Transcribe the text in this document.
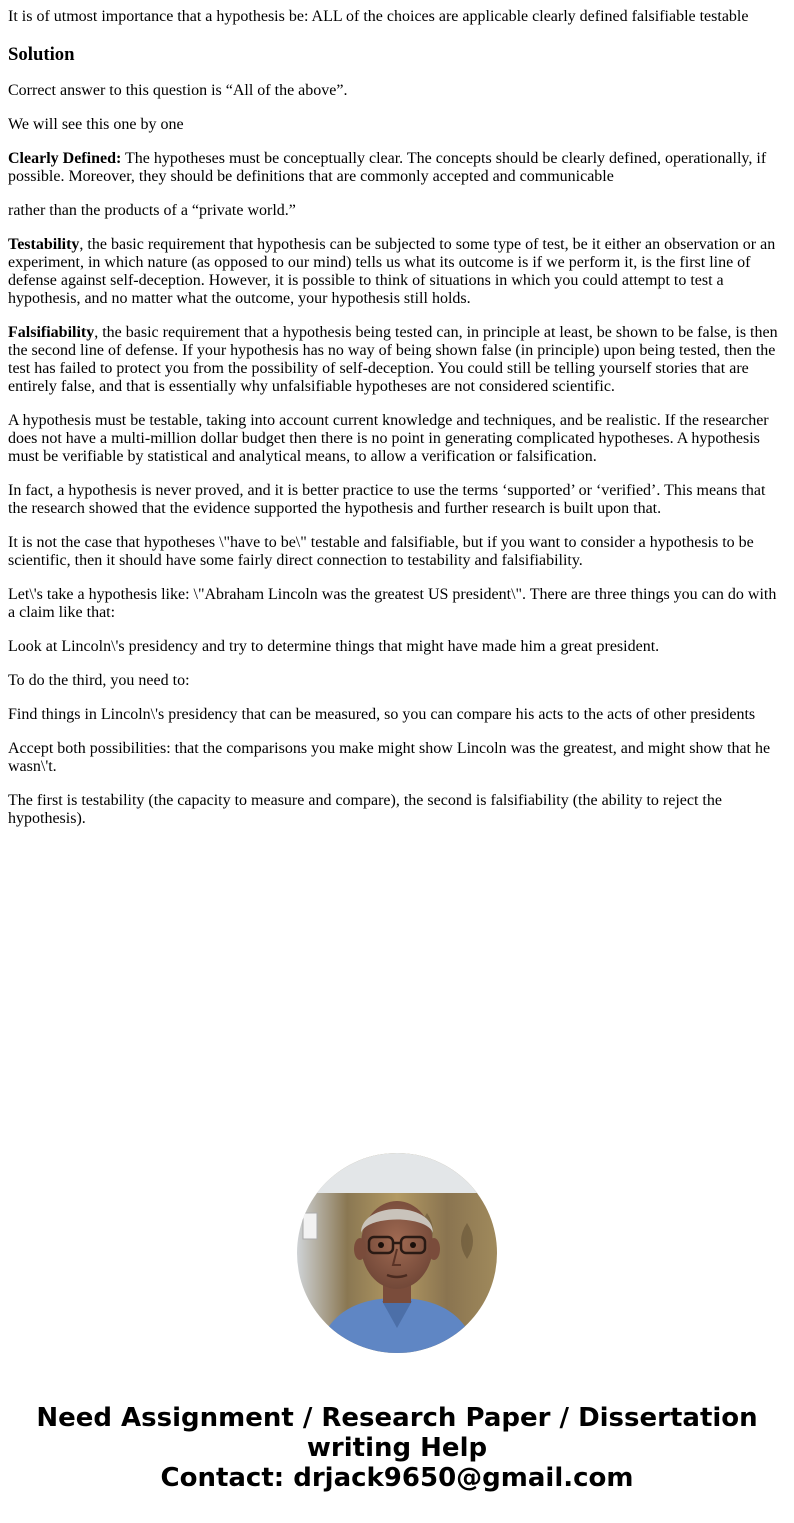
It is of utmost importance that a hypothesis be: ALL of the choices are applicable clearly defined falsifiable testable
Solution

Correct answer to this question is “All of the above”.

We will see this one by one

Clearly Defined: The hypotheses must be conceptually clear. The concepts should be clearly defined, operationally, if possible. Moreover, they should be definitions that are commonly accepted and communicable

rather than the products of a “private world.”

Testability, the basic requirement that hypothesis can be subjected to some type of test, be it either an observation or an experiment, in which nature (as opposed to our mind) tells us what its outcome is if we perform it, is the first line of defense against self-deception. However, it is possible to think of situations in which you could attempt to test a hypothesis, and no matter what the outcome, your hypothesis still holds.

Falsifiability, the basic requirement that a hypothesis being tested can, in principle at least, be shown to be false, is then the second line of defense. If your hypothesis has no way of being shown false (in principle) upon being tested, then the test has failed to protect you from the possibility of self-deception. You could still be telling yourself stories that are entirely false, and that is essentially why unfalsifiable hypotheses are not considered scientific.

A hypothesis must be testable, taking into account current knowledge and techniques, and be realistic. If the researcher does not have a multi-million dollar budget then there is no point in generating complicated hypotheses. A hypothesis must be verifiable by statistical and analytical means, to allow a verification or falsification.

In fact, a hypothesis is never proved, and it is better practice to use the terms ‘supported’ or ‘verified’. This means that the research showed that the evidence supported the hypothesis and further research is built upon that.

It is not the case that hypotheses \"have to be\" testable and falsifiable, but if you want to consider a hypothesis to be scientific, then it should have some fairly direct connection to testability and falsifiability.

Let\'s take a hypothesis like: \"Abraham Lincoln was the greatest US president\". There are three things you can do with a claim like that:

Look at Lincoln\'s presidency and try to determine things that might have made him a great president.

To do the third, you need to:

Find things in Lincoln\'s presidency that can be measured, so you can compare his acts to the acts of other presidents

Accept both possibilities: that the comparisons you make might show Lincoln was the greatest, and might show that he wasn\'t.

The first is testability (the capacity to measure and compare), the second is falsifiability (the ability to reject the hypothesis).

Need Assignment / Research Paper / Dissertation
writing Help
Contact: drjack9650@gmail.com
